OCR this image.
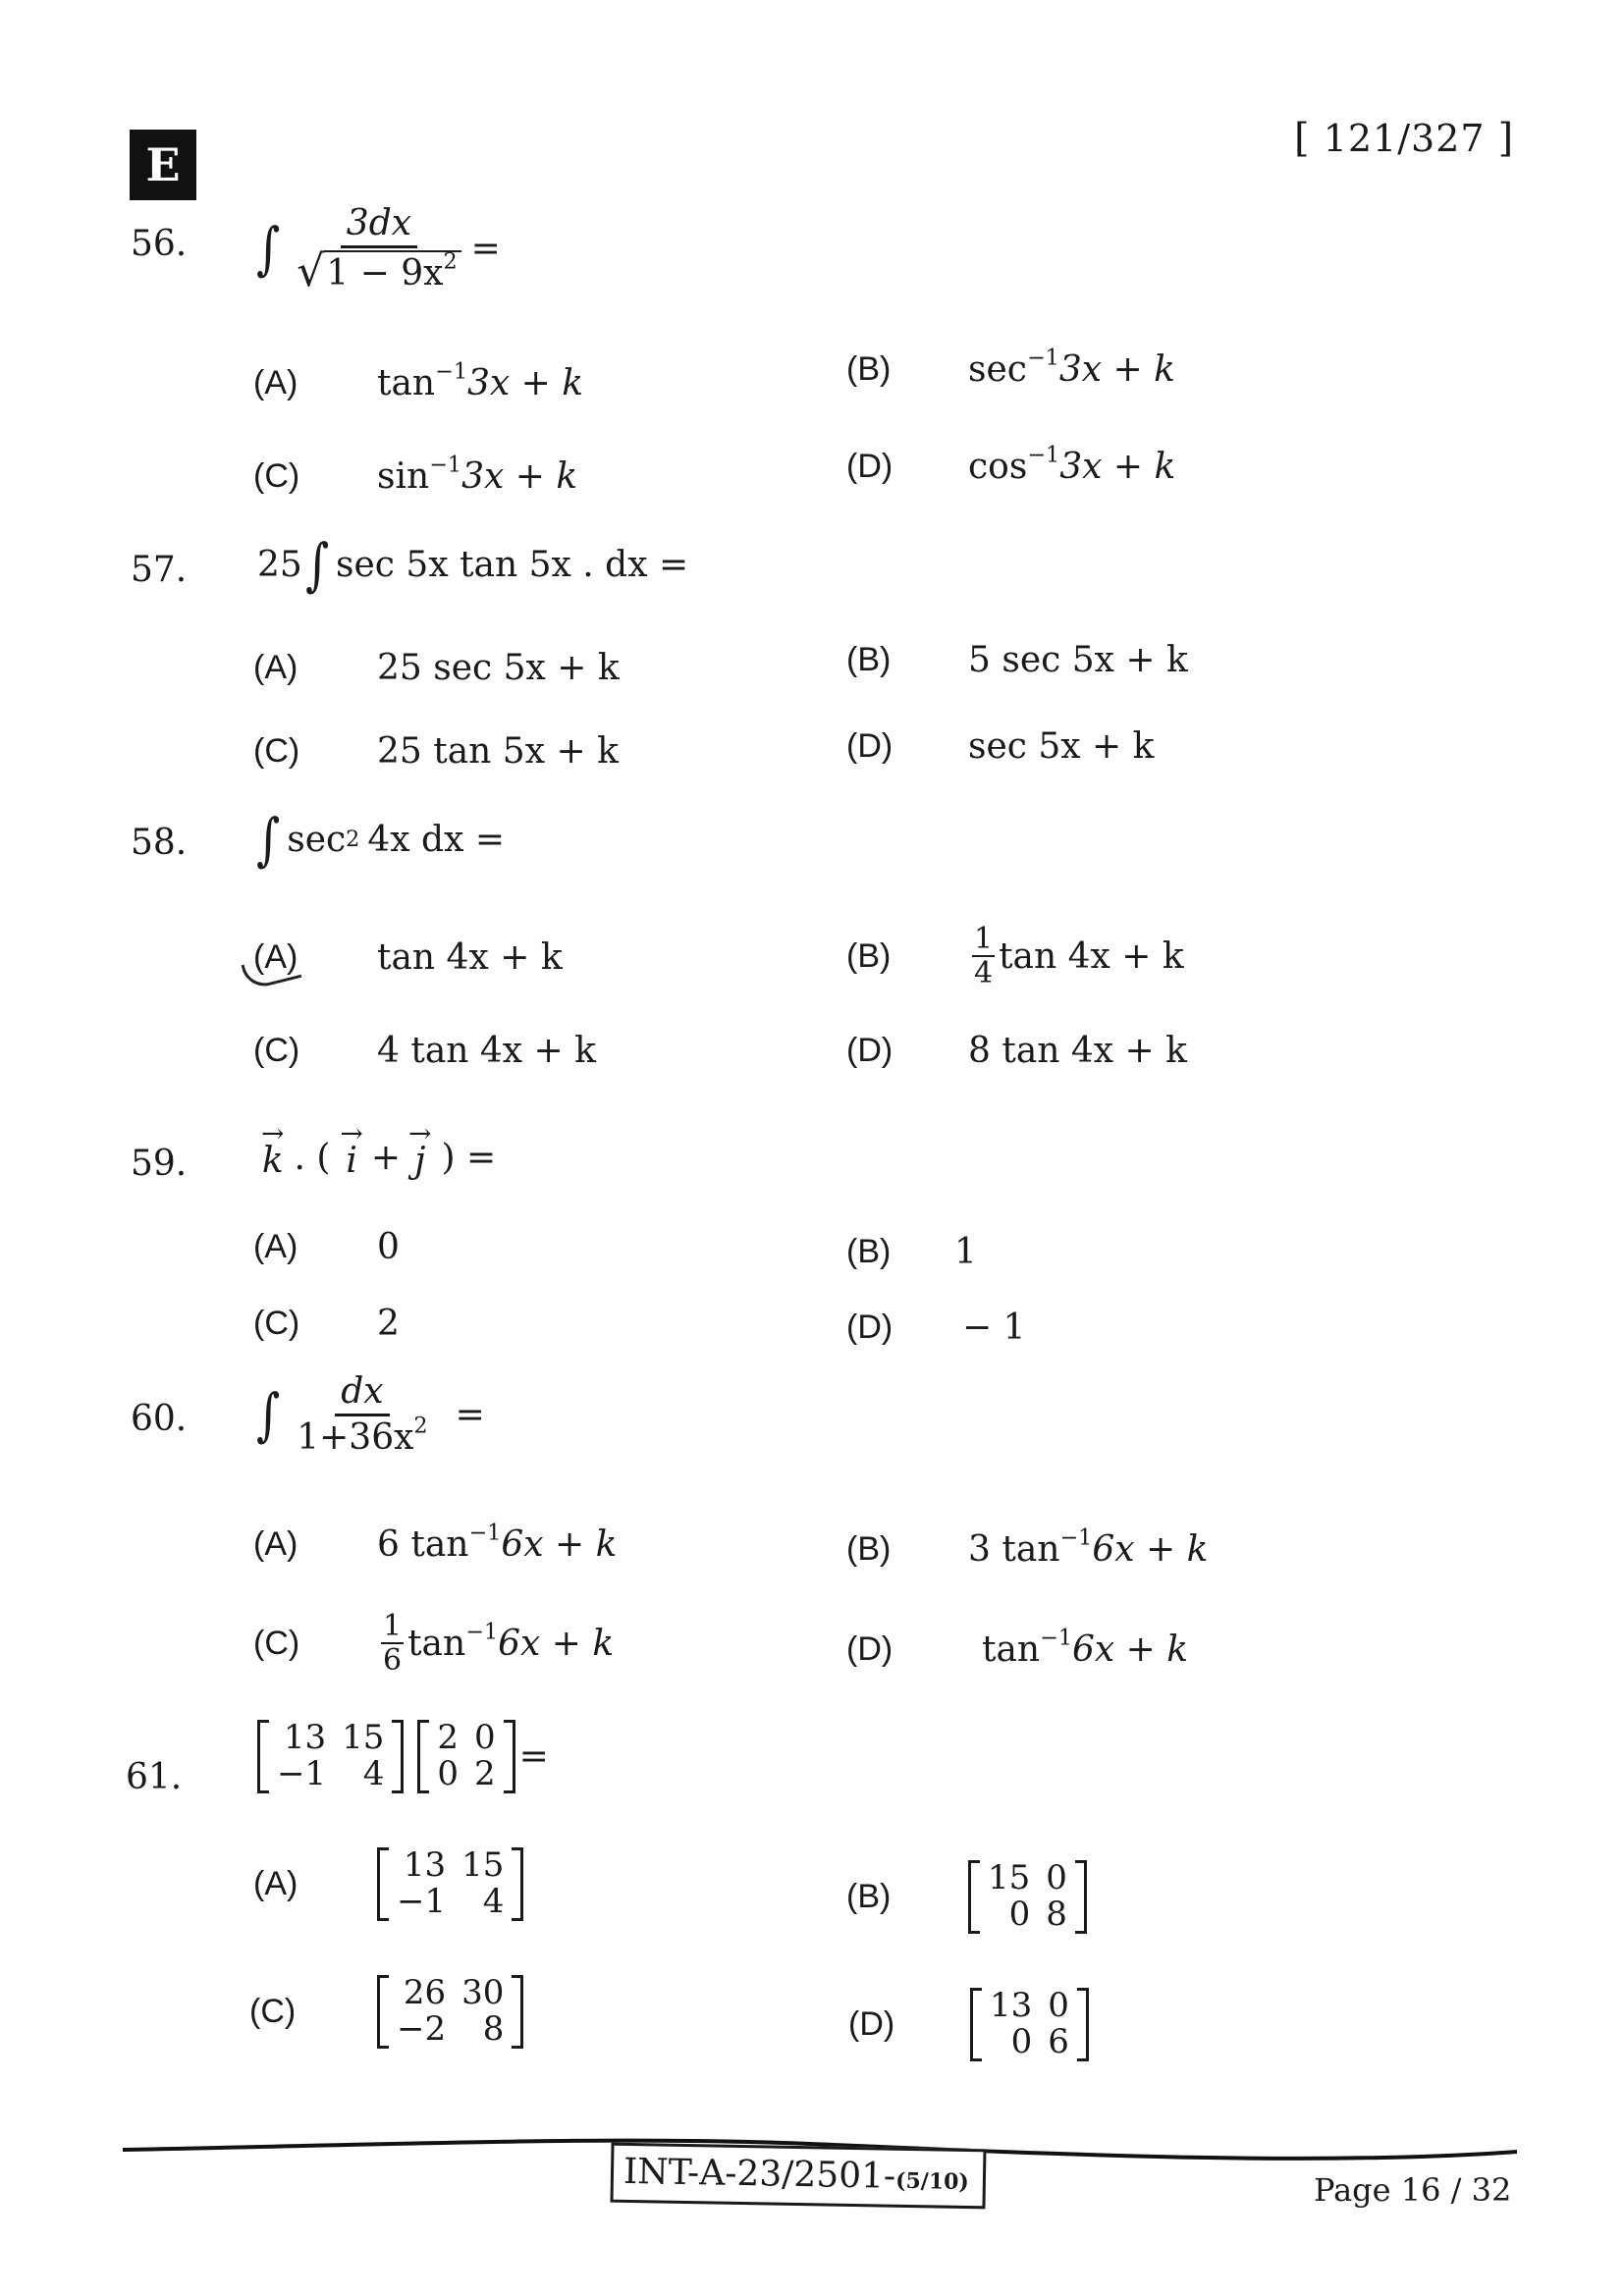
E	[ 121/327 ]
56. ∫ $\frac{3dx}{√ 1 - 9x^2}$ =
(A)	$\tan^{-1}3x + k$	(B)	$\sec^{-1}3x + k$
(C)	$\sin^{-1}3x + k$	(D)	$\cos^{-1}3x + k$
57. 25 ∫ sec 5x tan 5x . dx =
(A)	25 sec 5x + k	(B)	5 sec 5x + k
(C)	25 tan 5x + k	(D)	sec 5x + k
58. ∫ sec 2 4x dx =
(A)	tan 4x + k	(B)	$\frac{1}{4}$ tan 4x + k
(C)	4 tan 4x + k	(D)	8 tan 4x + k
59.
→
k . (
→
i +
→
j ) =
(A)	0	(B)	1
(C)	2	(D)	− 1
60. ∫ $\frac{dx}{1+36x^2}$ =
(A)	6 $\tan^{-1}6x + k$	(B)	3 $\tan^{-1}6x + k$
(C)	$\frac{1}{6} \tan^{-1}6x + k$	(D)	$\tan^{-1}6x + k$
61.
13	15
−1	4
2	0
0	2 =
(A)	13	15
−1	4	(B)	15	0
0	8
(C)	26	30
−2	8	(D)	13	0
0	6
INT-A-23/2501-(5/10)	Page 16 / 32
